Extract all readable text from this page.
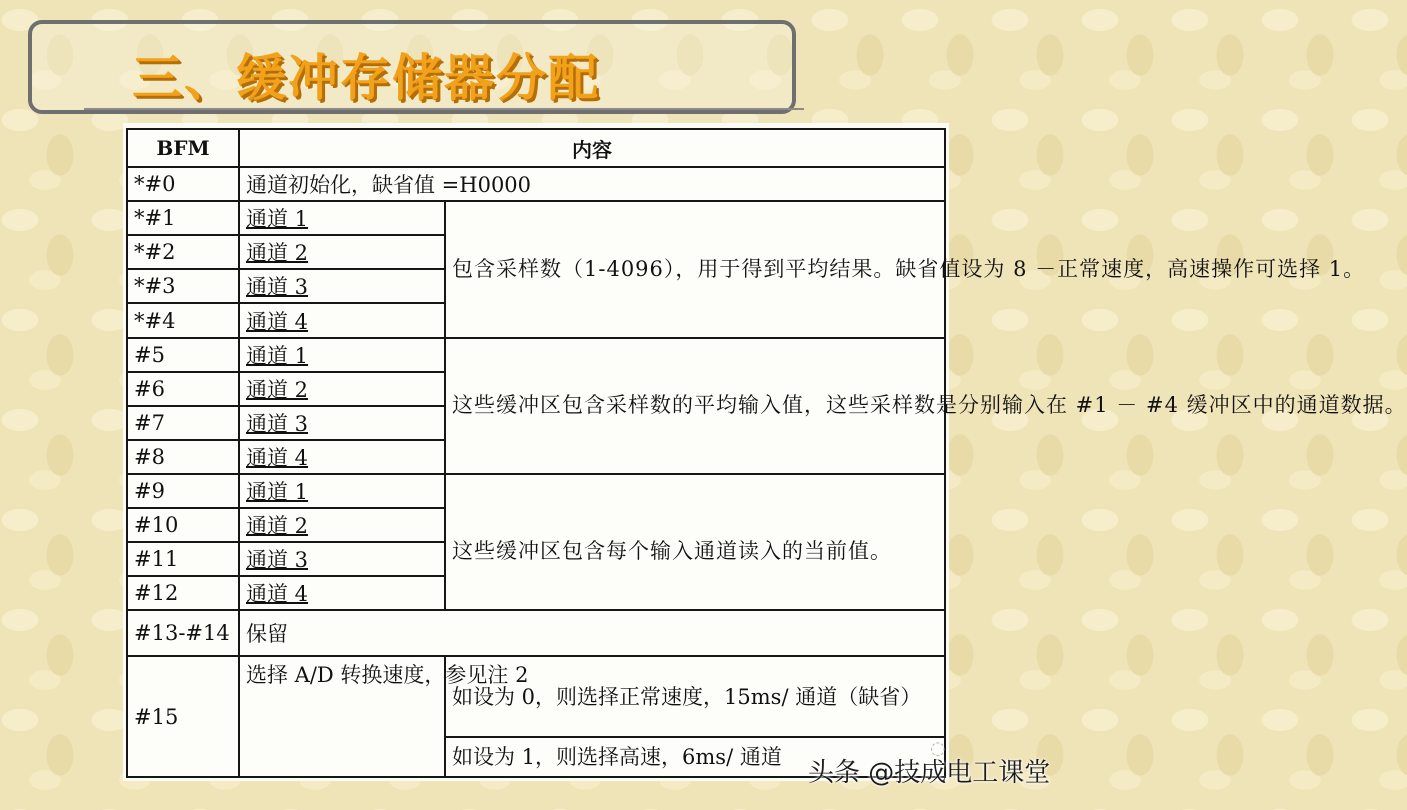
三、缓冲存储器分配
BFM	内容	
*#0	通道初始化，缺省值 =H0000	
*#1	通道 1	包含采样数（1-4096），用于得到平均结果。缺省值设为 8 －正常速度，高速操作可选择 1。
*#2	通道 2	
*#3	通道 3	
*#4	通道 4	
#5	通道 1	这些缓冲区包含采样数的平均输入值，这些采样数是分别输入在 #1 － #4 缓冲区中的通道数据。
#6	通道 2	
#7	通道 3	
#8	通道 4	
#9	通道 1	这些缓冲区包含每个输入通道读入的当前值。
#10	通道 2	
#11	通道 3	
#12	通道 4	
#13-#14	保留	
#15	选择 A/D 转换速度，参见注 2	如设为 0，则选择正常速度，15ms/ 通道（缺省）
		如设为 1，则选择高速，6ms/ 通道	◌
头条 @技成电工课堂
